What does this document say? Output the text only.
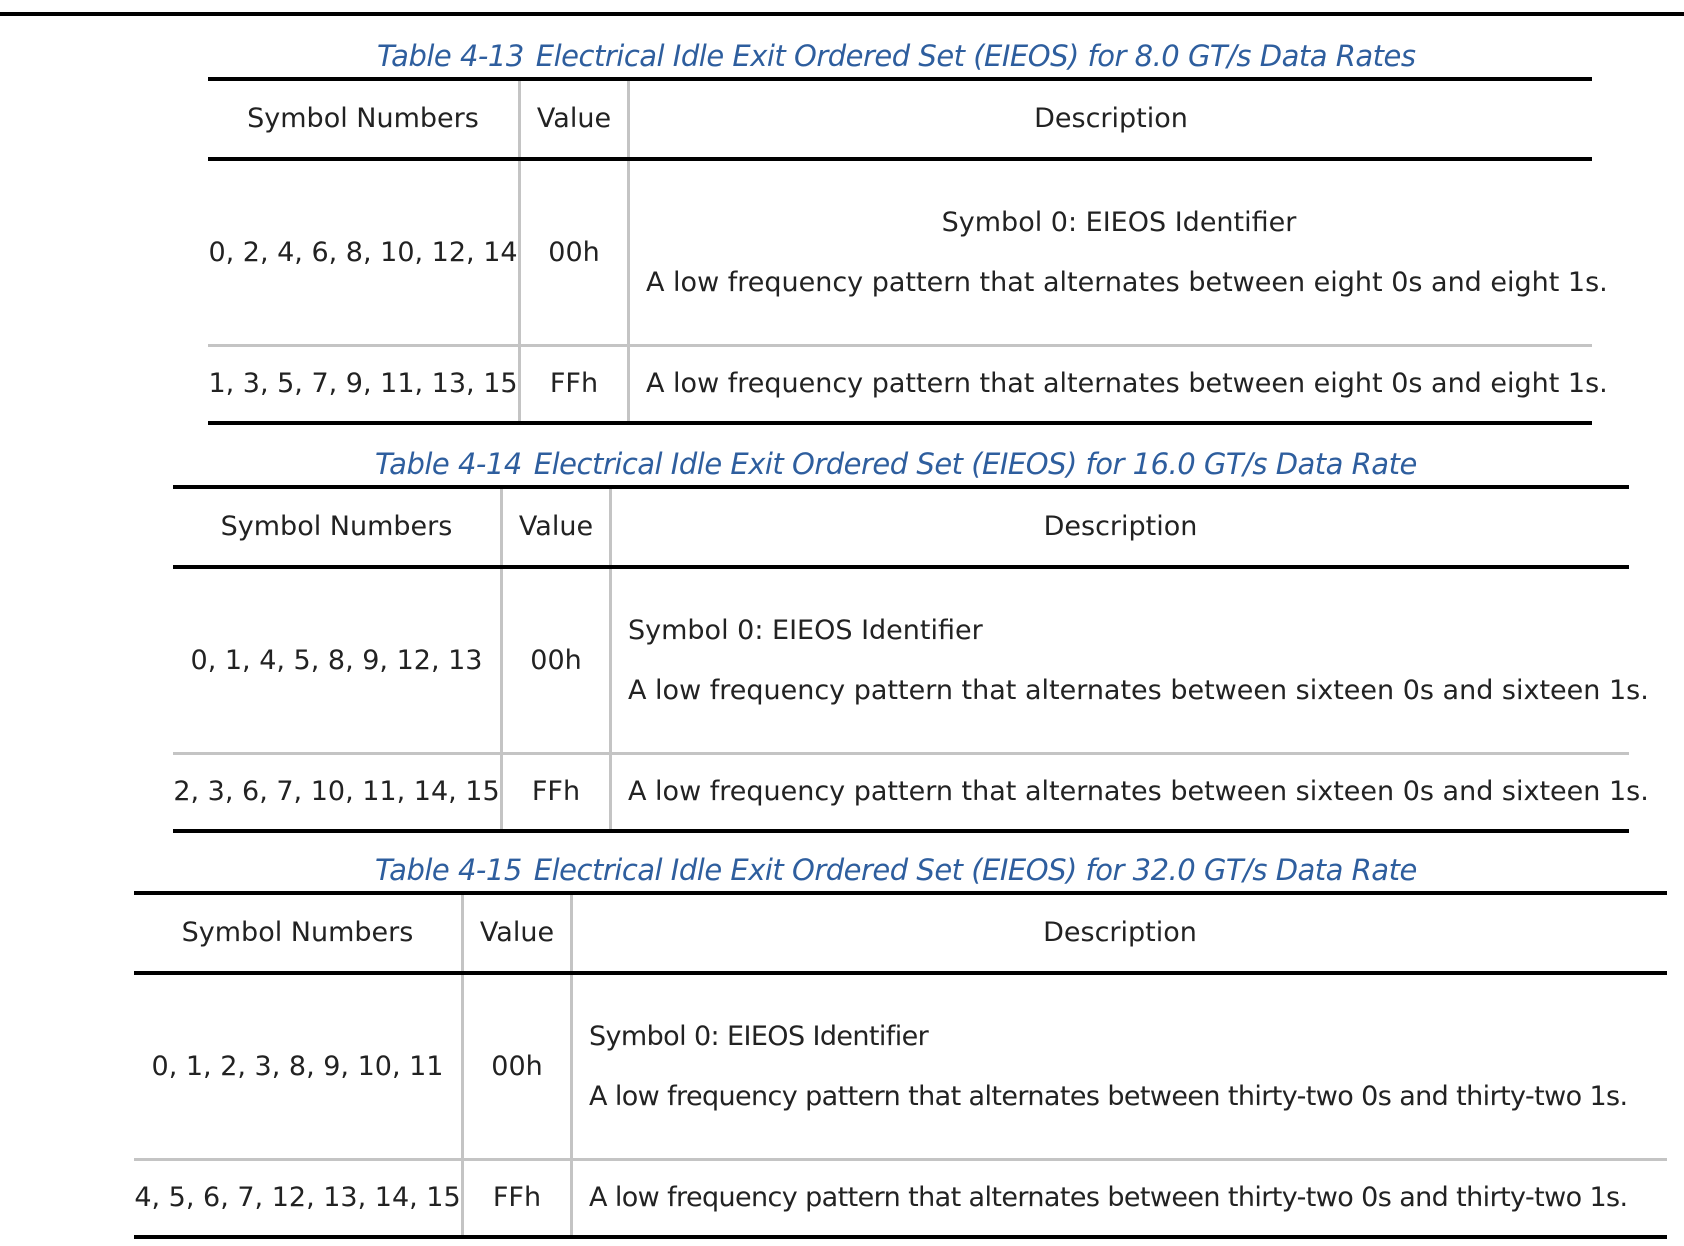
Table 4-13 Electrical Idle Exit Ordered Set (EIEOS) for 8.0 GT/s Data Rates
Symbol Numbers	Value	Description
0, 2, 4, 6, 8, 10, 12, 14	00h
Symbol 0: EIEOS Identifier
A low frequency pattern that alternates between eight 0s and eight 1s.
1, 3, 5, 7, 9, 11, 13, 15	FFh	A low frequency pattern that alternates between eight 0s and eight 1s.
Table 4-14 Electrical Idle Exit Ordered Set (EIEOS) for 16.0 GT/s Data Rate
Symbol Numbers	Value	Description
0, 1, 4, 5, 8, 9, 12, 13	00h
Symbol 0: EIEOS Identifier
A low frequency pattern that alternates between sixteen 0s and sixteen 1s.
2, 3, 6, 7, 10, 11, 14, 15	FFh	A low frequency pattern that alternates between sixteen 0s and sixteen 1s.
Table 4-15 Electrical Idle Exit Ordered Set (EIEOS) for 32.0 GT/s Data Rate
Symbol Numbers	Value	Description
0, 1, 2, 3, 8, 9, 10, 11	00h
Symbol 0: EIEOS Identifier
A low frequency pattern that alternates between thirty-two 0s and thirty-two 1s.
4, 5, 6, 7, 12, 13, 14, 15	FFh	A low frequency pattern that alternates between thirty-two 0s and thirty-two 1s.
